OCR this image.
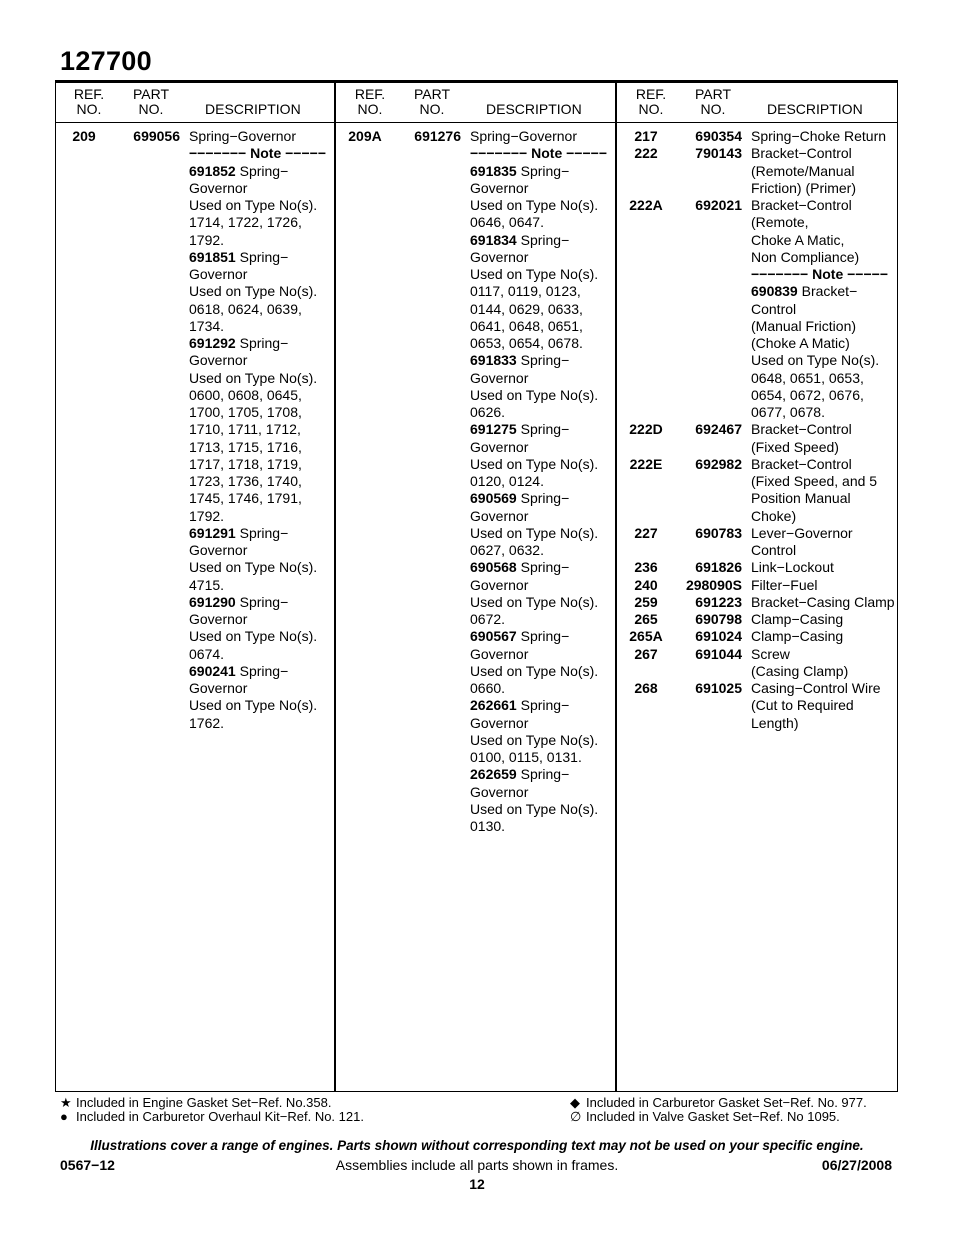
127700
REF.
NO.
PART
NO.	DESCRIPTION
209	699056 Spring−Governor
−−−−−−− Note −−−−−
691852 Spring−
Governor
Used on Type No(s).
1714, 1722, 1726,
1792.
691851 Spring−
Governor
Used on Type No(s).
0618, 0624, 0639,
1734.
691292 Spring−
Governor
Used on Type No(s).
0600, 0608, 0645,
1700, 1705, 1708,
1710, 1711, 1712,
1713, 1715, 1716,
1717, 1718, 1719,
1723, 1736, 1740,
1745, 1746, 1791,
1792.
691291 Spring−
Governor
Used on Type No(s).
4715.
691290 Spring−
Governor
Used on Type No(s).
0674.
690241 Spring−
Governor
Used on Type No(s).
1762.
REF.
NO.
PART
NO.	DESCRIPTION
209A	691276 Spring−Governor
−−−−−−− Note −−−−−
691835 Spring−
Governor
Used on Type No(s).
0646, 0647.
691834 Spring−
Governor
Used on Type No(s).
0117, 0119, 0123,
0144, 0629, 0633,
0641, 0648, 0651,
0653, 0654, 0678.
691833 Spring−
Governor
Used on Type No(s).
0626.
691275 Spring−
Governor
Used on Type No(s).
0120, 0124.
690569 Spring−
Governor
Used on Type No(s).
0627, 0632.
690568 Spring−
Governor
Used on Type No(s).
0672.
690567 Spring−
Governor
Used on Type No(s).
0660.
262661 Spring−
Governor
Used on Type No(s).
0100, 0115, 0131.
262659 Spring−
Governor
Used on Type No(s).
0130.
REF.
NO.
PART
NO.	DESCRIPTION
217	690354 Spring−Choke Return
222	790143 Bracket−Control
(Remote/Manual
Friction) (Primer)
222A	692021 Bracket−Control
(Remote,
Choke A Matic,
Non Compliance)
−−−−−−− Note −−−−−
690839 Bracket−
Control
(Manual Friction)
(Choke A Matic)
Used on Type No(s).
0648, 0651, 0653,
0654, 0672, 0676,
0677, 0678.
222D	692467 Bracket−Control
(Fixed Speed)
222E	692982 Bracket−Control
(Fixed Speed, and 5
Position Manual
Choke)
227	690783 Lever−Governor
Control
236	691826 Link−Lockout
240	298090S Filter−Fuel
259	691223 Bracket−Casing Clamp
265	690798 Clamp−Casing
265A	691024 Clamp−Casing
267	691044 Screw
(Casing Clamp)
268	691025 Casing−Control Wire
(Cut to Required
Length)
★ Included in Engine Gasket Set−Ref. No.358.
● Included in Carburetor Overhaul Kit−Ref. No. 121.
◆ Included in Carburetor Gasket Set−Ref. No. 977.
∅ Included in Valve Gasket Set−Ref. No 1095.
Illustrations cover a range of engines. Parts shown without corresponding text may not be used on your specific engine.
Assemblies include all parts shown in frames.
0567−12	06/27/2008
12
